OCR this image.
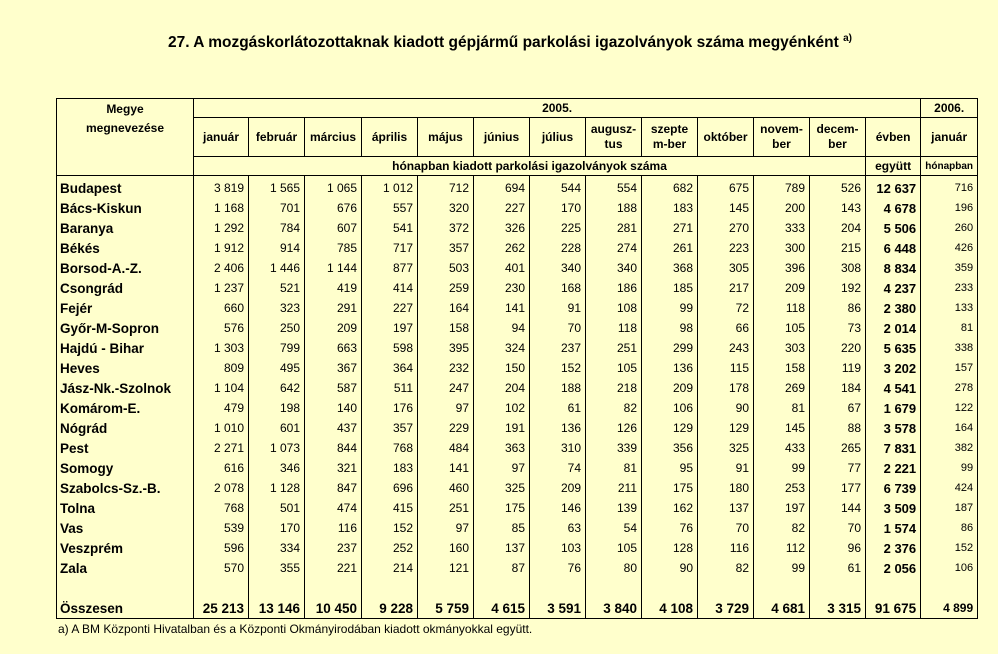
27. A mozgáskorlátozottaknak kiadott gépjármű parkolási igazolványok száma megyénként $^{a)}$
Megye
megnevezése	2005.													2006.
	január	február	március	április	május	június	július	augusz-tus	szepte m-ber	október	novem-ber	decem-ber	évben	január
	hónapban kiadott parkolási igazolványok száma												együtt	hónapban
Budapest	3 819	1 565	1 065	1 012	712	694	544	554	682	675	789	526	12 637	716
Bács-Kiskun	1 168	701	676	557	320	227	170	188	183	145	200	143	4 678	196
Baranya	1 292	784	607	541	372	326	225	281	271	270	333	204	5 506	260
Békés	1 912	914	785	717	357	262	228	274	261	223	300	215	6 448	426
Borsod-A.-Z.	2 406	1 446	1 144	877	503	401	340	340	368	305	396	308	8 834	359
Csongrád	1 237	521	419	414	259	230	168	186	185	217	209	192	4 237	233
Fejér	660	323	291	227	164	141	91	108	99	72	118	86	2 380	133
Győr-M-Sopron	576	250	209	197	158	94	70	118	98	66	105	73	2 014	81
Hajdú - Bihar	1 303	799	663	598	395	324	237	251	299	243	303	220	5 635	338
Heves	809	495	367	364	232	150	152	105	136	115	158	119	3 202	157
Jász-Nk.-Szolnok	1 104	642	587	511	247	204	188	218	209	178	269	184	4 541	278
Komárom-E.	479	198	140	176	97	102	61	82	106	90	81	67	1 679	122
Nógrád	1 010	601	437	357	229	191	136	126	129	129	145	88	3 578	164
Pest	2 271	1 073	844	768	484	363	310	339	356	325	433	265	7 831	382
Somogy	616	346	321	183	141	97	74	81	95	91	99	77	2 221	99
Szabolcs-Sz.-B.	2 078	1 128	847	696	460	325	209	211	175	180	253	177	6 739	424
Tolna	768	501	474	415	251	175	146	139	162	137	197	144	3 509	187
Vas	539	170	116	152	97	85	63	54	76	70	82	70	1 574	86
Veszprém	596	334	237	252	160	137	103	105	128	116	112	96	2 376	152
Zala	570	355	221	214	121	87	76	80	90	82	99	61	2 056	106

Összesen	25 213	13 146	10 450	9 228	5 759	4 615	3 591	3 840	4 108	3 729	4 681	3 315	91 675	4 899
a) A BM Központi Hivatalban és a Központi Okmányirodában kiadott okmányokkal együtt.
